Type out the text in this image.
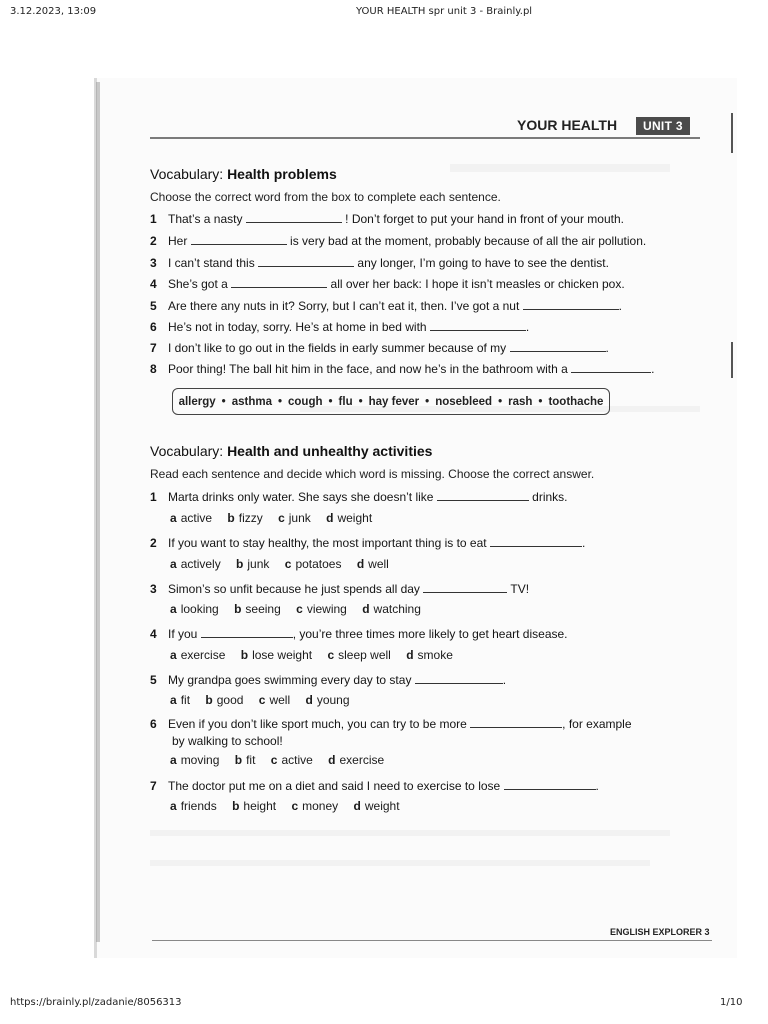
3.12.2023, 13:09	YOUR HEALTH spr unit 3 - Brainly.pl
https://brainly.pl/zadanie/8056313	1/10
YOUR HEALTH	UNIT 3
Vocabulary: Health problems
Choose the correct word from the box to complete each sentence.
1 That’s a nasty	! Don’t forget to put your hand in front of your mouth.
2 Her	is very bad at the moment, probably because of all the air pollution.
3 I can’t stand this	any longer, I’m going to have to see the dentist.
4 She’s got a	all over her back: I hope it isn’t measles or chicken pox.
5 Are there any nuts in it? Sorry, but I can’t eat it, then. I’ve got a nut	.
6 He’s not in today, sorry. He’s at home in bed with	.
7 I don’t like to go out in the fields in early summer because of my	.
8 Poor thing! The ball hit him in the face, and now he’s in the bathroom with a	.
allergy • asthma • cough • flu • hay fever • nosebleed • rash • toothache
Vocabulary: Health and unhealthy activities
Read each sentence and decide which word is missing. Choose the correct answer.
1 Marta drinks only water. She says she doesn’t like	drinks.
a active b fizzy c junk d weight
2 If you want to stay healthy, the most important thing is to eat	.
a actively b junk c potatoes d well
3 Simon’s so unfit because he just spends all day	TV!
a looking b seeing c viewing d watching
4 If you	, you’re three times more likely to get heart disease.
a exercise b lose weight c sleep well d smoke
5 My grandpa goes swimming every day to stay	.
a fit b good c well d young
6 Even if you don’t like sport much, you can try to be more	, for example
by walking to school!
a moving b fit c active d exercise
7 The doctor put me on a diet and said I need to exercise to lose	.
a friends b height c money d weight
ENGLISH EXPLORER 3
